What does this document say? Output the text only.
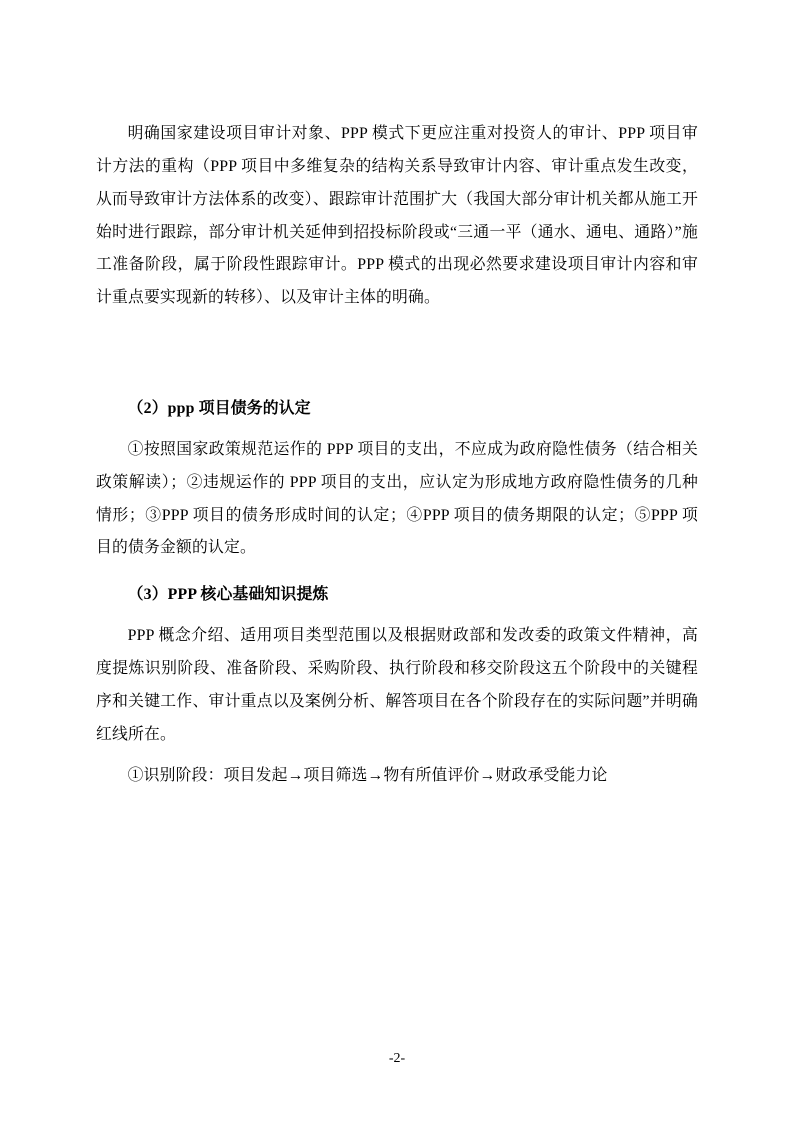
明确国家建设项目审计对象、PPP 模式下更应注重对投资人的审计、PPP 项目审计方法的重构（PPP 项目中多维复杂的结构关系导致审计内容、审计重点发生改变，从而导致审计方法体系的改变）、跟踪审计范围扩大（我国大部分审计机关都从施工开始时进行跟踪，部分审计机关延伸到招投标阶段或“三通一平（通水、通电、通路）”施工准备阶段，属于阶段性跟踪审计。PPP 模式的出现必然要求建设项目审计内容和审计重点要实现新的转移）、以及审计主体的明确。

（2）ppp 项目债务的认定

①按照国家政策规范运作的 PPP 项目的支出，不应成为政府隐性债务（结合相关政策解读）；②违规运作的 PPP 项目的支出，应认定为形成地方政府隐性债务的几种情形；③PPP 项目的债务形成时间的认定；④PPP 项目的债务期限的认定；⑤PPP 项目的债务金额的认定。

（3）PPP 核心基础知识提炼

PPP 概念介绍、适用项目类型范围以及根据财政部和发改委的政策文件精神，高度提炼识别阶段、准备阶段、采购阶段、执行阶段和移交阶段这五个阶段中的关键程序和关键工作、审计重点以及案例分析、解答项目在各个阶段存在的实际问题”并明确红线所在。

①识别阶段：项目发起→项目筛选→物有所值评价→财政承受能力论

-2-
